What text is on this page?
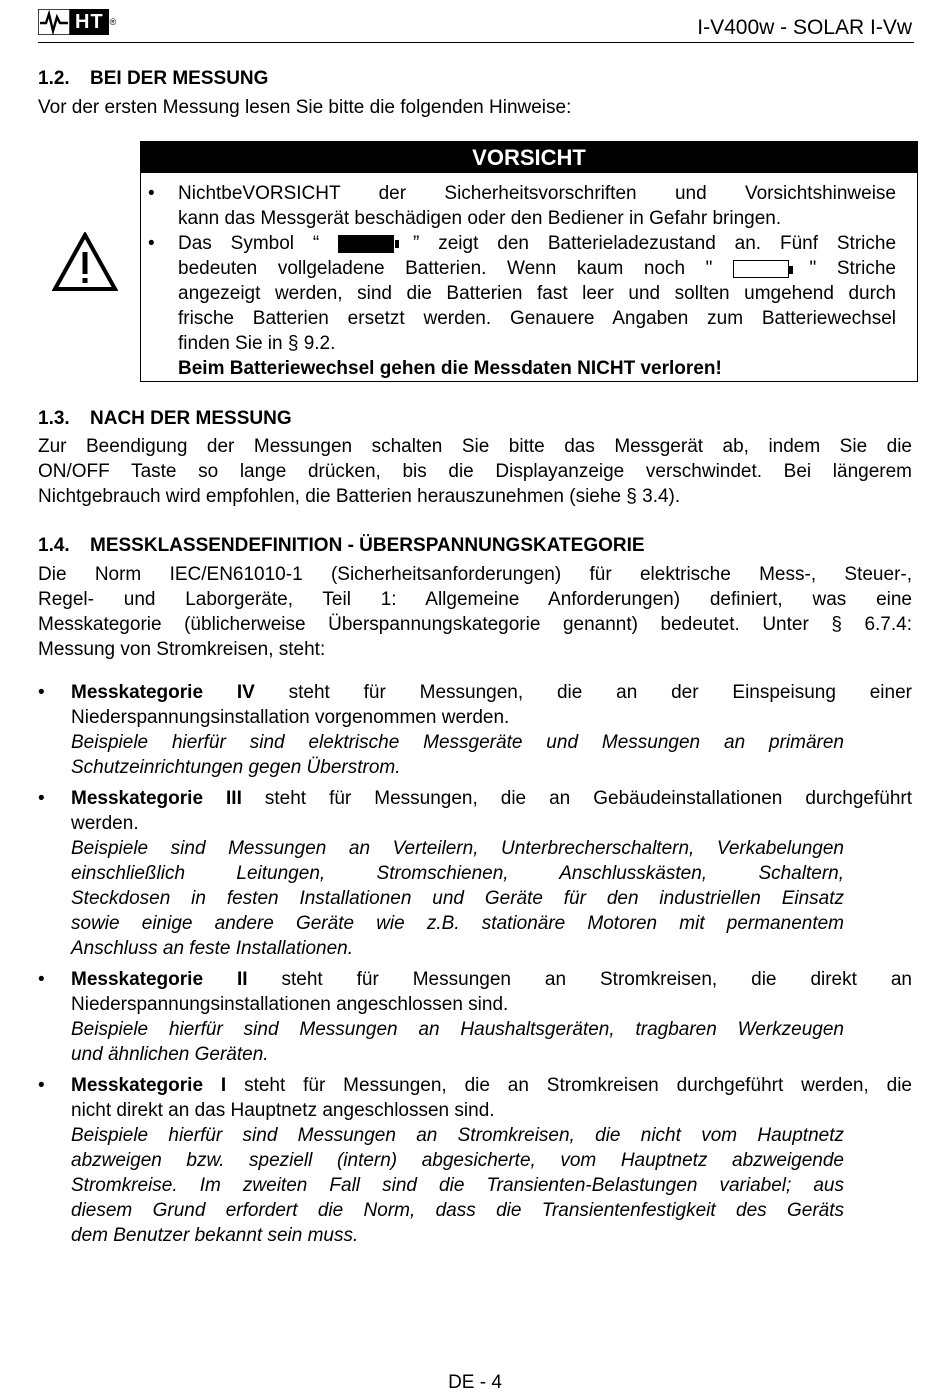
HT ®	I-V400w - SOLAR I-Vw
1.2. BEI DER MESSUNG
Vor der ersten Messung lesen Sie bitte die folgenden Hinweise:
VORSICHT
• NichtbeVORSICHT der Sicherheitsvorschriften und Vorsichtshinweise
kann das Messgerät beschädigen oder den Bediener in Gefahr bringen.
• Das Symbol “	” zeigt den Batterieladezustand an. Fünf Striche
bedeuten vollgeladene Batterien. Wenn kaum noch "	" Striche
angezeigt werden, sind die Batterien fast leer und sollten umgehend durch
frische Batterien ersetzt werden. Genauere Angaben zum Batteriewechsel
finden Sie in § 9.2.
Beim Batteriewechsel gehen die Messdaten NICHT verloren!
1.3. NACH DER MESSUNG
Zur Beendigung der Messungen schalten Sie bitte das Messgerät ab, indem Sie die
ON/OFF Taste so lange drücken, bis die Displayanzeige verschwindet. Bei längerem
Nichtgebrauch wird empfohlen, die Batterien herauszunehmen (siehe § 3.4).
1.4. MESSKLASSENDEFINITION - ÜBERSPANNUNGSKATEGORIE
Die Norm IEC/EN61010-1 (Sicherheitsanforderungen) für elektrische Mess-, Steuer-,
Regel- und Laborgeräte, Teil 1: Allgemeine Anforderungen) definiert, was eine
Messkategorie (üblicherweise Überspannungskategorie genannt) bedeutet. Unter § 6.7.4:
Messung von Stromkreisen, steht:
• Messkategorie IV steht für Messungen, die an der Einspeisung einer
Niederspannungsinstallation vorgenommen werden.
Beispiele hierfür sind elektrische Messgeräte und Messungen an primären
Schutzeinrichtungen gegen Überstrom.
• Messkategorie III steht für Messungen, die an Gebäudeinstallationen durchgeführt
werden.
Beispiele sind Messungen an Verteilern, Unterbrecherschaltern, Verkabelungen
einschließlich Leitungen, Stromschienen, Anschlusskästen, Schaltern,
Steckdosen in festen Installationen und Geräte für den industriellen Einsatz
sowie einige andere Geräte wie z.B. stationäre Motoren mit permanentem
Anschluss an feste Installationen.
• Messkategorie II steht für Messungen an Stromkreisen, die direkt an
Niederspannungsinstallationen angeschlossen sind.
Beispiele hierfür sind Messungen an Haushaltsgeräten, tragbaren Werkzeugen
und ähnlichen Geräten.
• Messkategorie I steht für Messungen, die an Stromkreisen durchgeführt werden, die
nicht direkt an das Hauptnetz angeschlossen sind.
Beispiele hierfür sind Messungen an Stromkreisen, die nicht vom Hauptnetz
abzweigen bzw. speziell (intern) abgesicherte, vom Hauptnetz abzweigende
Stromkreise. Im zweiten Fall sind die Transienten-Belastungen variabel; aus
diesem Grund erfordert die Norm, dass die Transientenfestigkeit des Geräts
dem Benutzer bekannt sein muss.
DE - 4
